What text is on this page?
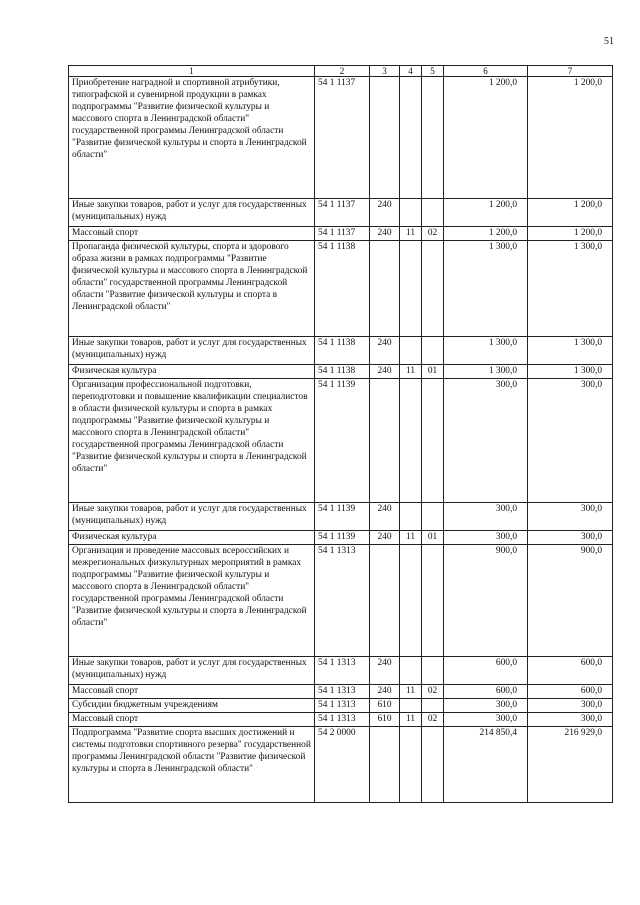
51
1	2	3	4	5	6	7
Приобретение наградной и спортивной атрибутики, типографской и сувенирной продукции в рамках подпрограммы "Развитие физической культуры и массового спорта в Ленинградской области" государственной программы Ленинградской области "Развитие физической культуры и спорта в Ленинградской области"	54 1 1137				1 200,0	1 200,0
Иные закупки товаров, работ и услуг для государственных (муниципальных) нужд	54 1 1137	240			1 200,0	1 200,0
Массовый спорт	54 1 1137	240	11	02	1 200,0	1 200,0
Пропаганда физической культуры, спорта и здорового образа жизни в рамках подпрограммы "Развитие физической культуры и массового спорта в Ленинградской области" государственной программы Ленинградской области "Развитие физической культуры и спорта в Ленинградской области"	54 1 1138				1 300,0	1 300,0
Иные закупки товаров, работ и услуг для государственных (муниципальных) нужд	54 1 1138	240			1 300,0	1 300,0
Физическая культура	54 1 1138	240	11	01	1 300,0	1 300,0
Организация профессиональной подготовки, переподготовки и повышение квалификации специалистов в области физической культуры и спорта в рамках подпрограммы "Развитие физической культуры и массового спорта в Ленинградской области" государственной программы Ленинградской области "Развитие физической культуры и спорта в Ленинградской области"	54 1 1139				300,0	300,0
Иные закупки товаров, работ и услуг для государственных (муниципальных) нужд	54 1 1139	240			300,0	300,0
Физическая культура	54 1 1139	240	11	01	300,0	300,0
Организация и проведение массовых всероссийских и межрегиональных физкультурных мероприятий в рамках подпрограммы "Развитие физической культуры и массового спорта в Ленинградской области" государственной программы Ленинградской области "Развитие физической культуры и спорта в Ленинградской области"	54 1 1313				900,0	900,0
Иные закупки товаров, работ и услуг для государственных (муниципальных) нужд	54 1 1313	240			600,0	600,0
Массовый спорт	54 1 1313	240	11	02	600,0	600,0
Субсидии бюджетным учреждениям	54 1 1313	610			300,0	300,0
Массовый спорт	54 1 1313	610	11	02	300,0	300,0
Подпрограмма "Развитие спорта высших достижений и системы подготовки спортивного резерва" государственной программы Ленинградской области "Развитие физической культуры и спорта в Ленинградской области"	54 2 0000				214 850,4	216 929,0
